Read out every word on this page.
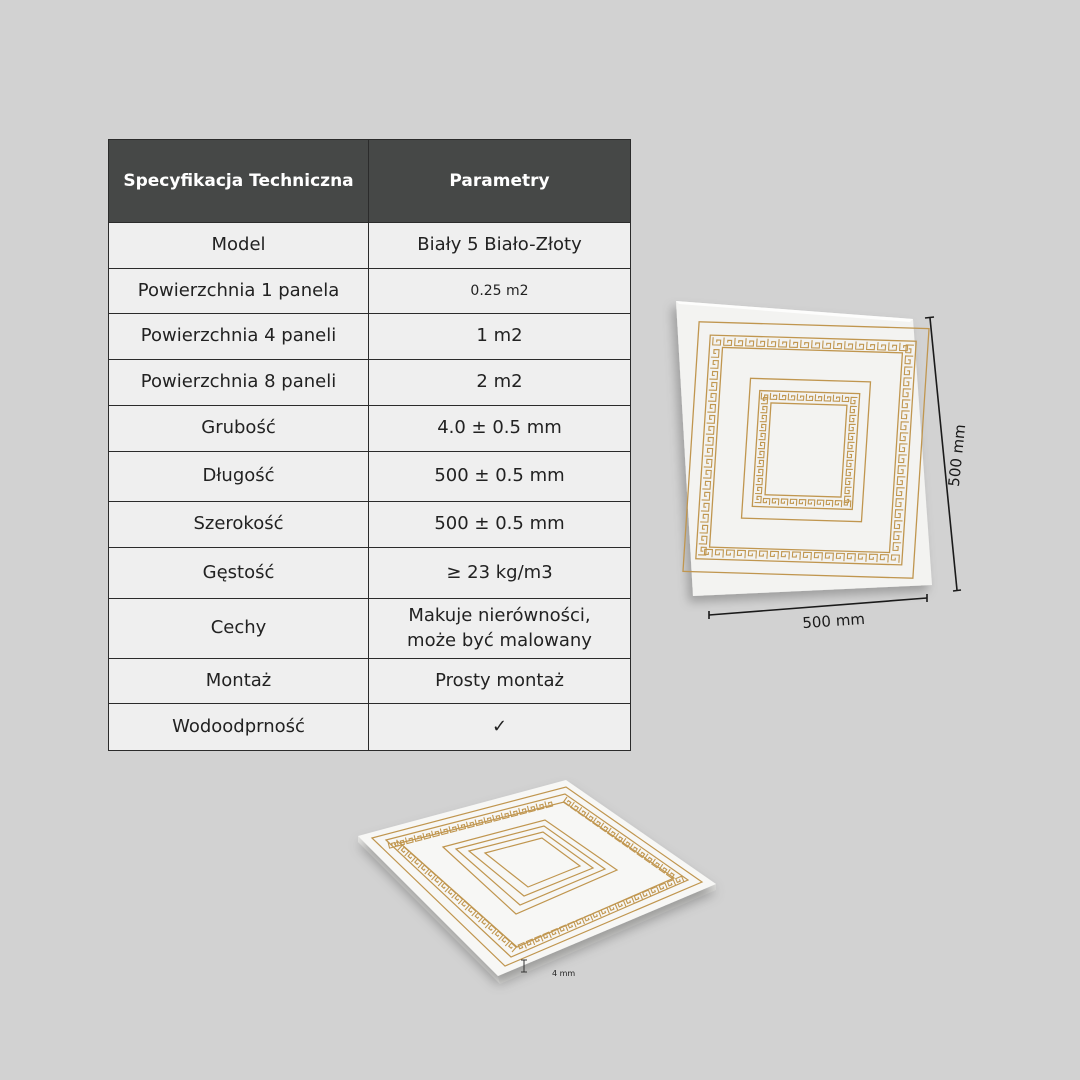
Specyfikacja Techniczna	Parametry
Model	Biały 5 Biało-Złoty
Powierzchnia 1 panela	0.25 m2
Powierzchnia 4 paneli	1 m2
Powierzchnia 8 paneli	2 m2
Grubość	4.0 ± 0.5 mm
Długość	500 ± 0.5 mm
Szerokość	500 ± 0.5 mm
Gęstość	≥ 23 kg/m3
Cechy	Makuje nierówności,
może być malowany
Montaż	Prosty montaż
Wodoodprność	✓
500 mm
500 mm
4 mm
